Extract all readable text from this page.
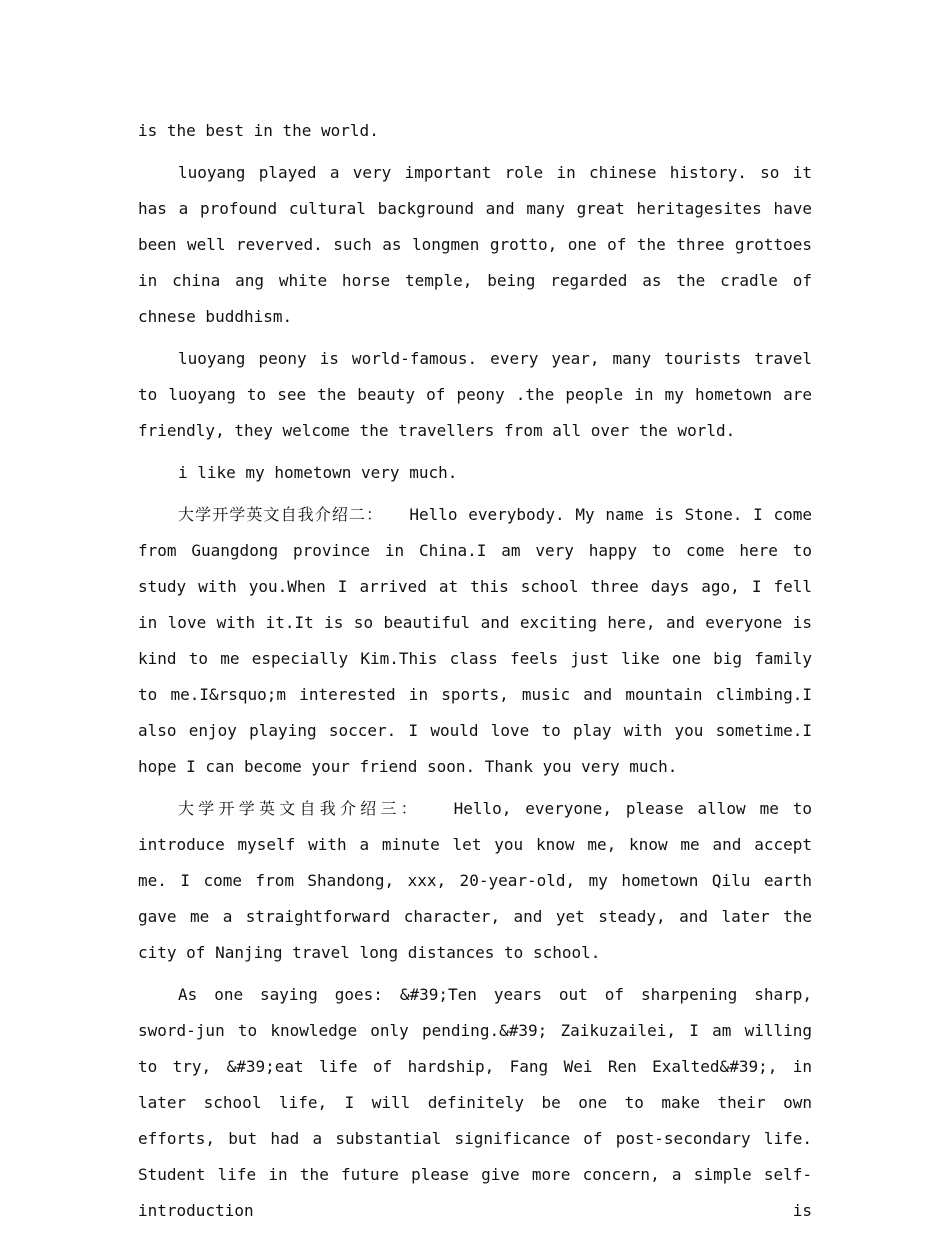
is the best in the world.

luoyang played a very important role in chinese history. so it has a profound cultural background and many great heritagesites have been well reverved. such as longmen grotto, one of the three grottoes in china ang white horse temple, being regarded as the cradle of chnese buddhism.

luoyang peony is world-famous. every year, many tourists travel to luoyang to see the beauty of peony .the people in my hometown are friendly, they welcome the travellers from all over the world.

i like my hometown very much.

大学开学英文自我介绍二：　　Hello everybody. My name is Stone. I come from Guangdong province in China.I am very happy to come here to study with you.When I arrived at this school three days ago, I fell in love with it.It is so beautiful and exciting here, and everyone is kind to me especially Kim.This class feels just like one big family to me.I&rsquo;m interested in sports, music and mountain climbing.I also enjoy playing soccer. I would love to play with you sometime.I hope I can become your friend soon. Thank you very much.

大学开学英文自我介绍三：　　Hello, everyone, please allow me to introduce myself with a minute let you know me, know me and accept me. I come from Shandong, xxx, 20-year-old, my hometown Qilu earth gave me a straightforward character, and yet steady, and later the city of Nanjing travel long distances to school.

As one saying goes: &#39;Ten years out of sharpening sharp, sword-jun to knowledge only pending.&#39; Zaikuzailei, I am willing to try, &#39;eat life of hardship, Fang Wei Ren Exalted&#39;, in later school life, I will definitely be one to make their own efforts, but had a substantial significance of post-secondary life. Student life in the future please give more concern, a simple self-introduction is
